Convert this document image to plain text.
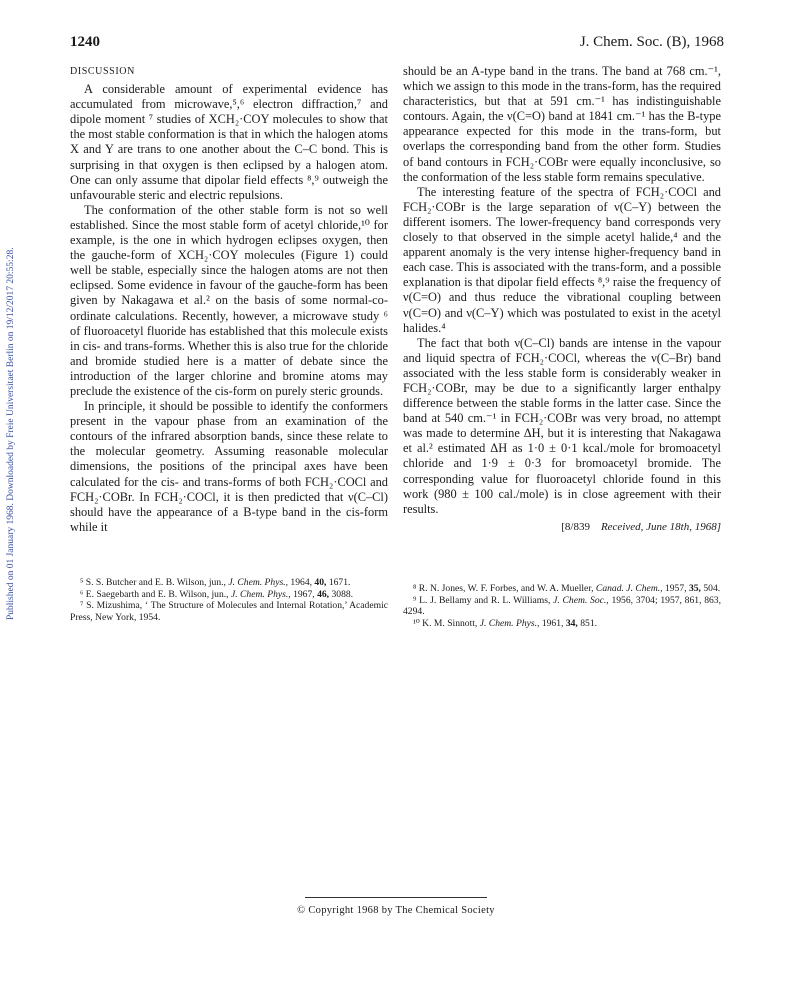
1240	J. Chem. Soc. (B), 1968
Published on 01 January 1968. Downloaded by Freie Universitaet Berlin on 19/12/2017 20:55:28.
DISCUSSION

A considerable amount of experimental evidence has accumulated from microwave,⁵,⁶ electron diffraction,⁷ and dipole moment ⁷ studies of XCH₂·COY molecules to show that the most stable conformation is that in which the halogen atoms X and Y are trans to one another about the C–C bond. This is surprising in that oxygen is then eclipsed by a halogen atom. One can only assume that dipolar field effects ⁸,⁹ outweigh the unfavourable steric and electric repulsions.

The conformation of the other stable form is not so well established. Since the most stable form of acetyl chloride,¹⁰ for example, is the one in which hydrogen eclipses oxygen, then the gauche-form of XCH₂·COY molecules (Figure 1) could well be stable, especially since the halogen atoms are not then eclipsed. Some evidence in favour of the gauche-form has been given by Nakagawa et al.² on the basis of some normal-co-ordinate calculations. Recently, however, a microwave study ⁶ of fluoroacetyl fluoride has established that this molecule exists in cis- and trans-forms. Whether this is also true for the chloride and bromide studied here is a matter of debate since the introduction of the larger chlorine and bromine atoms may preclude the existence of the cis-form on purely steric grounds.

In principle, it should be possible to identify the conformers present in the vapour phase from an examination of the contours of the infrared absorption bands, since these relate to the molecular geometry. Assuming reasonable molecular dimensions, the positions of the principal axes have been calculated for the cis- and trans-forms of both FCH₂·COCl and FCH₂·COBr. In FCH₂·COCl, it is then predicted that ν(C–Cl) should have the appearance of a B-type band in the cis-form while it

should be an A-type band in the trans. The band at 768 cm.⁻¹, which we assign to this mode in the trans-form, has the required characteristics, but that at 591 cm.⁻¹ has indistinguishable contours. Again, the ν(C=O) band at 1841 cm.⁻¹ has the B-type appearance expected for this mode in the trans-form, but overlaps the corresponding band from the other form. Studies of band contours in FCH₂·COBr were equally inconclusive, so the conformation of the less stable form remains speculative.

The interesting feature of the spectra of FCH₂·COCl and FCH₂·COBr is the large separation of ν(C–Y) between the different isomers. The lower-frequency band corresponds very closely to that observed in the simple acetyl halide,⁴ and the apparent anomaly is the very intense higher-frequency band in each case. This is associated with the trans-form, and a possible explanation is that dipolar field effects ⁸,⁹ raise the frequency of ν(C=O) and thus reduce the vibrational coupling between ν(C=O) and ν(C–Y) which was postulated to exist in the acetyl halides.⁴

The fact that both ν(C–Cl) bands are intense in the vapour and liquid spectra of FCH₂·COCl, whereas the ν(C–Br) band associated with the less stable form is considerably weaker in FCH₂·COBr, may be due to a significantly larger enthalpy difference between the stable forms in the latter case. Since the band at 540 cm.⁻¹ in FCH₂·COBr was very broad, no attempt was made to determine ΔH, but it is interesting that Nakagawa et al.² estimated ΔH as 1·0 ± 0·1 kcal./mole for bromoacetyl chloride and 1·9 ± 0·3 for bromoacetyl bromide. The corresponding value for fluoroacetyl chloride found in this work (980 ± 100 cal./mole) is in close agreement with their results.

[8/839 Received, June 18th, 1968]

⁵ S. S. Butcher and E. B. Wilson, jun., J. Chem. Phys., 1964, 40, 1671.

⁶ E. Saegebarth and E. B. Wilson, jun., J. Chem. Phys., 1967, 46, 3088.

⁷ S. Mizushima, ‘ The Structure of Molecules and Internal Rotation,’ Academic Press, New York, 1954.

⁸ R. N. Jones, W. F. Forbes, and W. A. Mueller, Canad. J. Chem., 1957, 35, 504.

⁹ L. J. Bellamy and R. L. Williams, J. Chem. Soc., 1956, 3704; 1957, 861, 863, 4294.

¹⁰ K. M. Sinnott, J. Chem. Phys., 1961, 34, 851.

© Copyright 1968 by The Chemical Society
